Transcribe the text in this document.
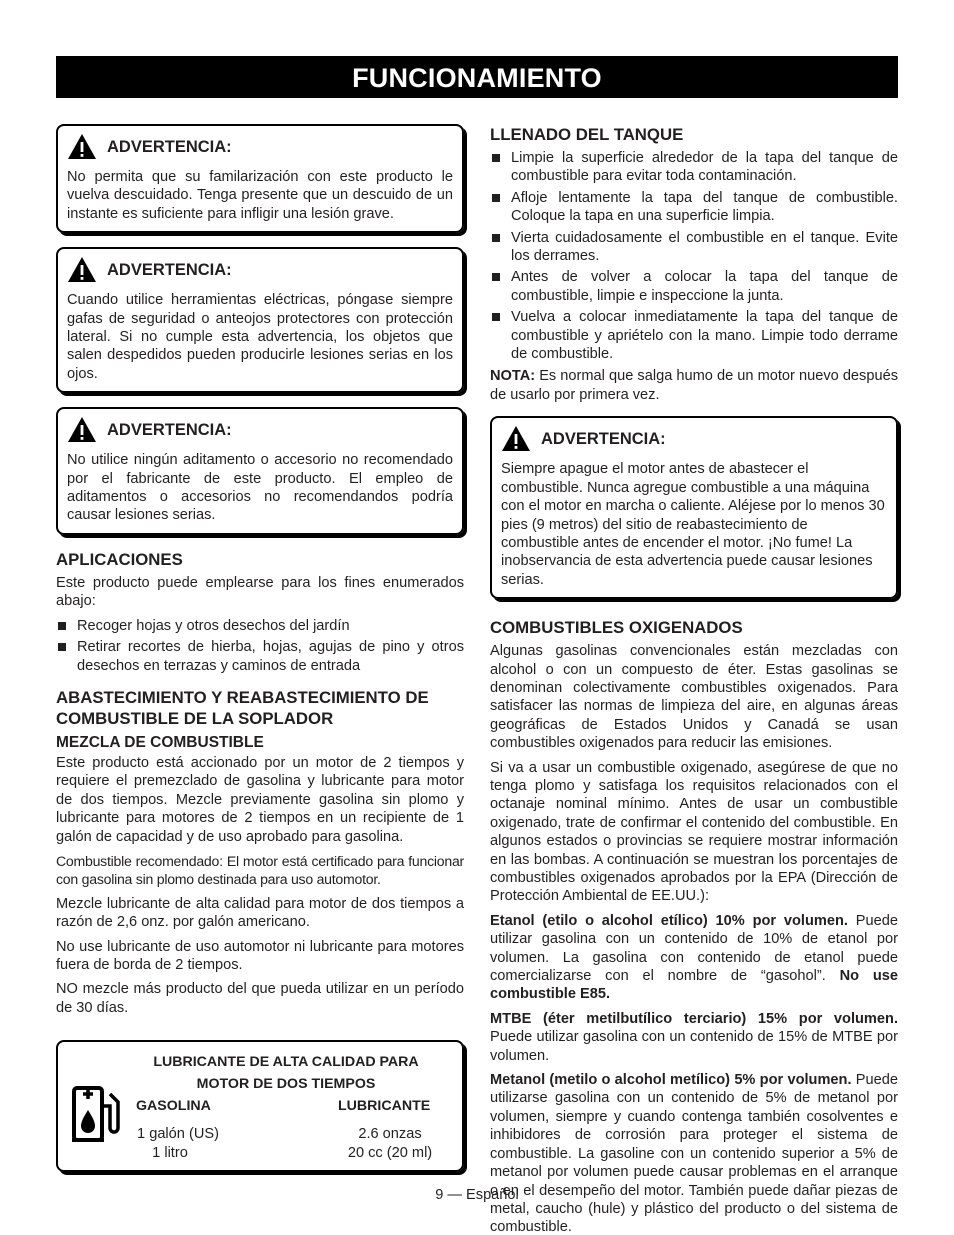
FUNCIONAMIENTO
ADVERTENCIA:
No permita que su familarización con este producto le vuelva descuidado. Tenga presente que un descuido de un instante es suficiente para infligir una lesión grave.
ADVERTENCIA:
Cuando utilice herramientas eléctricas, póngase siempre gafas de seguridad o anteojos protectores con protección lateral. Si no cumple esta advertencia, los objetos que salen despedidos pueden producirle lesiones serias en los ojos.
ADVERTENCIA:
No utilice ningún aditamento o accesorio no recomendado por el fabricante de este producto. El empleo de aditamentos o accesorios no recomendandos podría causar lesiones serias.
APLICACIONES

Este producto puede emplearse para los fines enumerados abajo:

Recoger hojas y otros desechos del jardín
Retirar recortes de hierba, hojas, agujas de pino y otros desechos en terrazas y caminos de entrada
ABASTECIMIENTO Y REABASTECIMIENTO DE COMBUSTIBLE DE LA SOPLADOR
MEZCLA DE COMBUSTIBLE

Este producto está accionado por un motor de 2 tiempos y requiere el premezclado de gasolina y lubricante para motor de dos tiempos. Mezcle previamente gasolina sin plomo y lubricante para motores de 2 tiempos en un recipiente de 1 galón de capacidad y de uso aprobado para gasolina.

Combustible recomendado: El motor está certificado para funcionar con gasolina sin plomo destinada para uso automotor.

Mezcle lubricante de alta calidad para motor de dos tiempos a razón de 2,6 onz. por galón americano.

No use lubricante de uso automotor ni lubricante para motores fuera de borda de 2 tiempos.

NO mezcle más producto del que pueda utilizar en un período de 30 días.

LUBRICANTE DE ALTA CALIDAD PARA
MOTOR DE DOS TIEMPOS
GASOLINA	LUBRICANTE
1 galón (US)	2.6 onzas
1 litro	20 cc (20 ml)
LLENADO DEL TANQUE
Limpie la superficie alrededor de la tapa del tanque de combustible para evitar toda contaminación.
Afloje lentamente la tapa del tanque de combustible. Coloque la tapa en una superficie limpia.
Vierta cuidadosamente el combustible en el tanque. Evite los derrames.
Antes de volver a colocar la tapa del tanque de combustible, limpie e inspeccione la junta.
Vuelva a colocar inmediatamente la tapa del tanque de combustible y apriételo con la mano. Limpie todo derrame de combustible.

NOTA: Es normal que salga humo de un motor nuevo después de usarlo por primera vez.

ADVERTENCIA:
Siempre apague el motor antes de abastecer el combustible. Nunca agregue combustible a una máquina con el motor en marcha o caliente. Aléjese por lo menos 30 pies (9 metros) del sitio de reabastecimiento de combustible antes de encender el motor. ¡No fume! La inobservancia de esta advertencia puede causar lesiones serias.
COMBUSTIBLES OXIGENADOS

Algunas gasolinas convencionales están mezcladas con alcohol o con un compuesto de éter. Estas gasolinas se denominan colectivamente combustibles oxigenados. Para satisfacer las normas de limpieza del aire, en algunas áreas geográficas de Estados Unidos y Canadá se usan combustibles oxigenados para reducir las emisiones.

Si va a usar un combustible oxigenado, asegúrese de que no tenga plomo y satisfaga los requisitos relacionados con el octanaje nominal mínimo. Antes de usar un combustible oxigenado, trate de confirmar el contenido del combustible. En algunos estados o provincias se requiere mostrar información en las bombas. A continuación se muestran los porcentajes de combustibles oxigenados aprobados por la EPA (Dirección de Protección Ambiental de EE.UU.):

Etanol (etilo o alcohol etílico) 10% por volumen. Puede utilizar gasolina con un contenido de 10% de etanol por volumen. La gasolina con contenido de etanol puede comercializarse con el nombre de “gasohol”. No use combustible E85.

MTBE (éter metilbutílico terciario) 15% por volumen. Puede utilizar gasolina con un contenido de 15% de MTBE por volumen.

Metanol (metilo o alcohol metílico) 5% por volumen. Puede utilizarse gasolina con un contenido de 5% de metanol por volumen, siempre y cuando contenga también cosolventes e inhibidores de corrosión para proteger el sistema de combustible. La gasoline con un contenido superior a 5% de metanol por volumen puede causar problemas en el arranque o en el desempeño del motor. También puede dañar piezas de metal, caucho (hule) y plástico del producto o del sistema de combustible.

9 — Español
